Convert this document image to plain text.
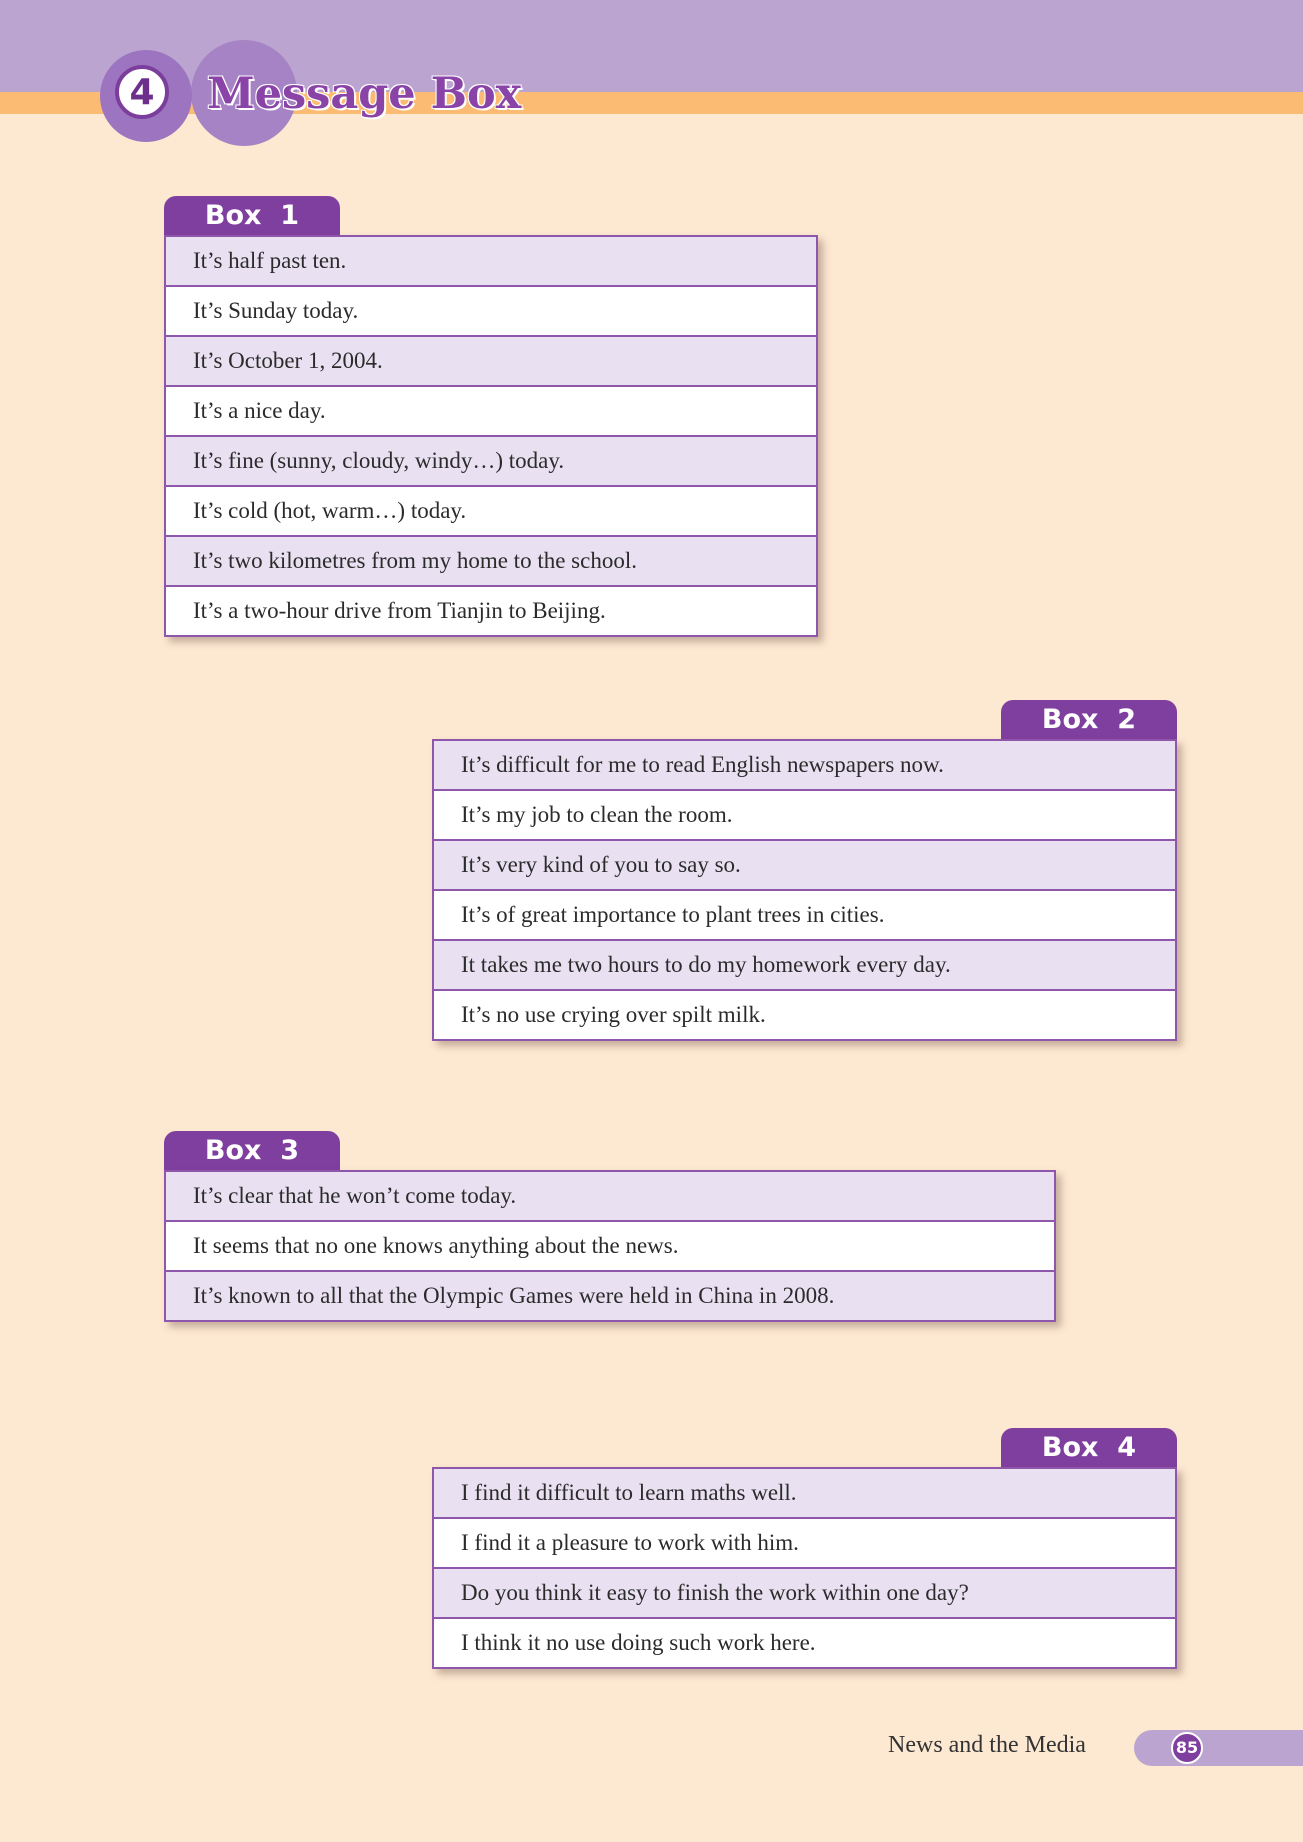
4	Message Box
Box  1
It’s half past ten.
It’s Sunday today.
It’s October 1, 2004.
It’s a nice day.
It’s fine (sunny, cloudy, windy…) today.
It’s cold (hot, warm…) today.
It’s two kilometres from my home to the school.
It’s a two-hour drive from Tianjin to Beijing.
Box  2
It’s difficult for me to read English newspapers now.
It’s my job to clean the room.
It’s very kind of you to say so.
It’s of great importance to plant trees in cities.
It takes me two hours to do my homework every day.
It’s no use crying over spilt milk.
Box  3
It’s clear that he won’t come today.
It seems that no one knows anything about the news.
It’s known to all that the Olympic Games were held in China in 2008.
Box  4
I find it difficult to learn maths well.
I find it a pleasure to work with him.
Do you think it easy to finish the work within one day?
I think it no use doing such work here.
News and the Media	85
